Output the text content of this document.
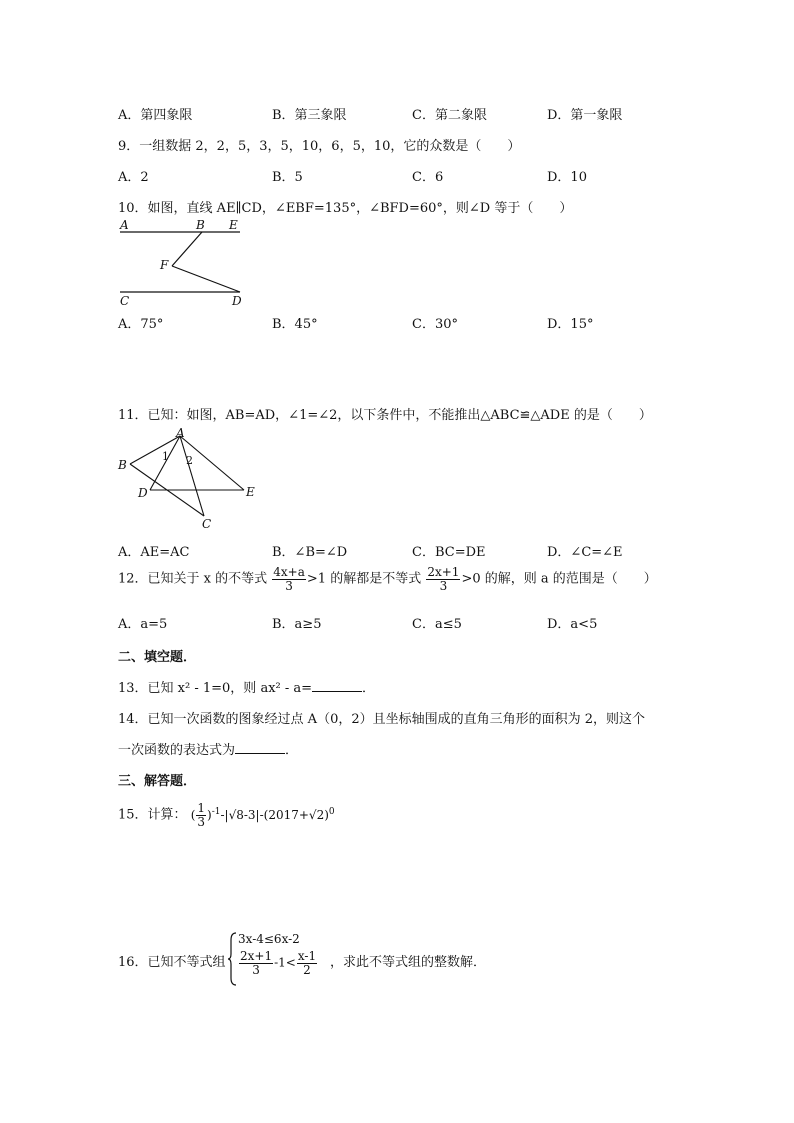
A．第四象限	B．第三象限	C．第二象限	D．第一象限
9．一组数据 2，2，5，3，5，10，6，5，10，它的众数是（　　）
A．2	B．5	C．6	D．10
10．如图，直线 AE∥CD，∠EBF=135°，∠BFD=60°，则∠D 等于（　　）
A	B E
F
C	D
A．75°	B．45°	C．30°	D．15°
11．已知：如图，AB=AD，∠1=∠2，以下条件中，不能推出△ABC≌△ADE 的是（　　）
A
B
D	E
C
1 2
A．AE=AC	B．∠B=∠D	C．BC=DE	D．∠C=∠E
12．已知关于 x 的不等式 $\frac{4x+a}{3} >1$ 的解都是不等式 $\frac{2x+1}{3} >0$ 的解，则 a 的范围是（　　）
A．a=5	B．a≥5	C．a≤5	D．a<5
二、填空题．
13．已知 x² - 1=0，则 ax² - a=	．
14．已知一次函数的图象经过点 A（0，2）且坐标轴围成的直角三角形的面积为 2，则这个
一次函数的表达式为	．
三、解答题．
15．计算： ( $\frac{1}{3} )^{-1}-|√8-3|-(2017+√2)^0$
16．已知不等式组
3x-4≤6x-2
$\frac{2x+1}{3} -1< \frac{x-1}{2}$ ，求此不等式组的整数解．
